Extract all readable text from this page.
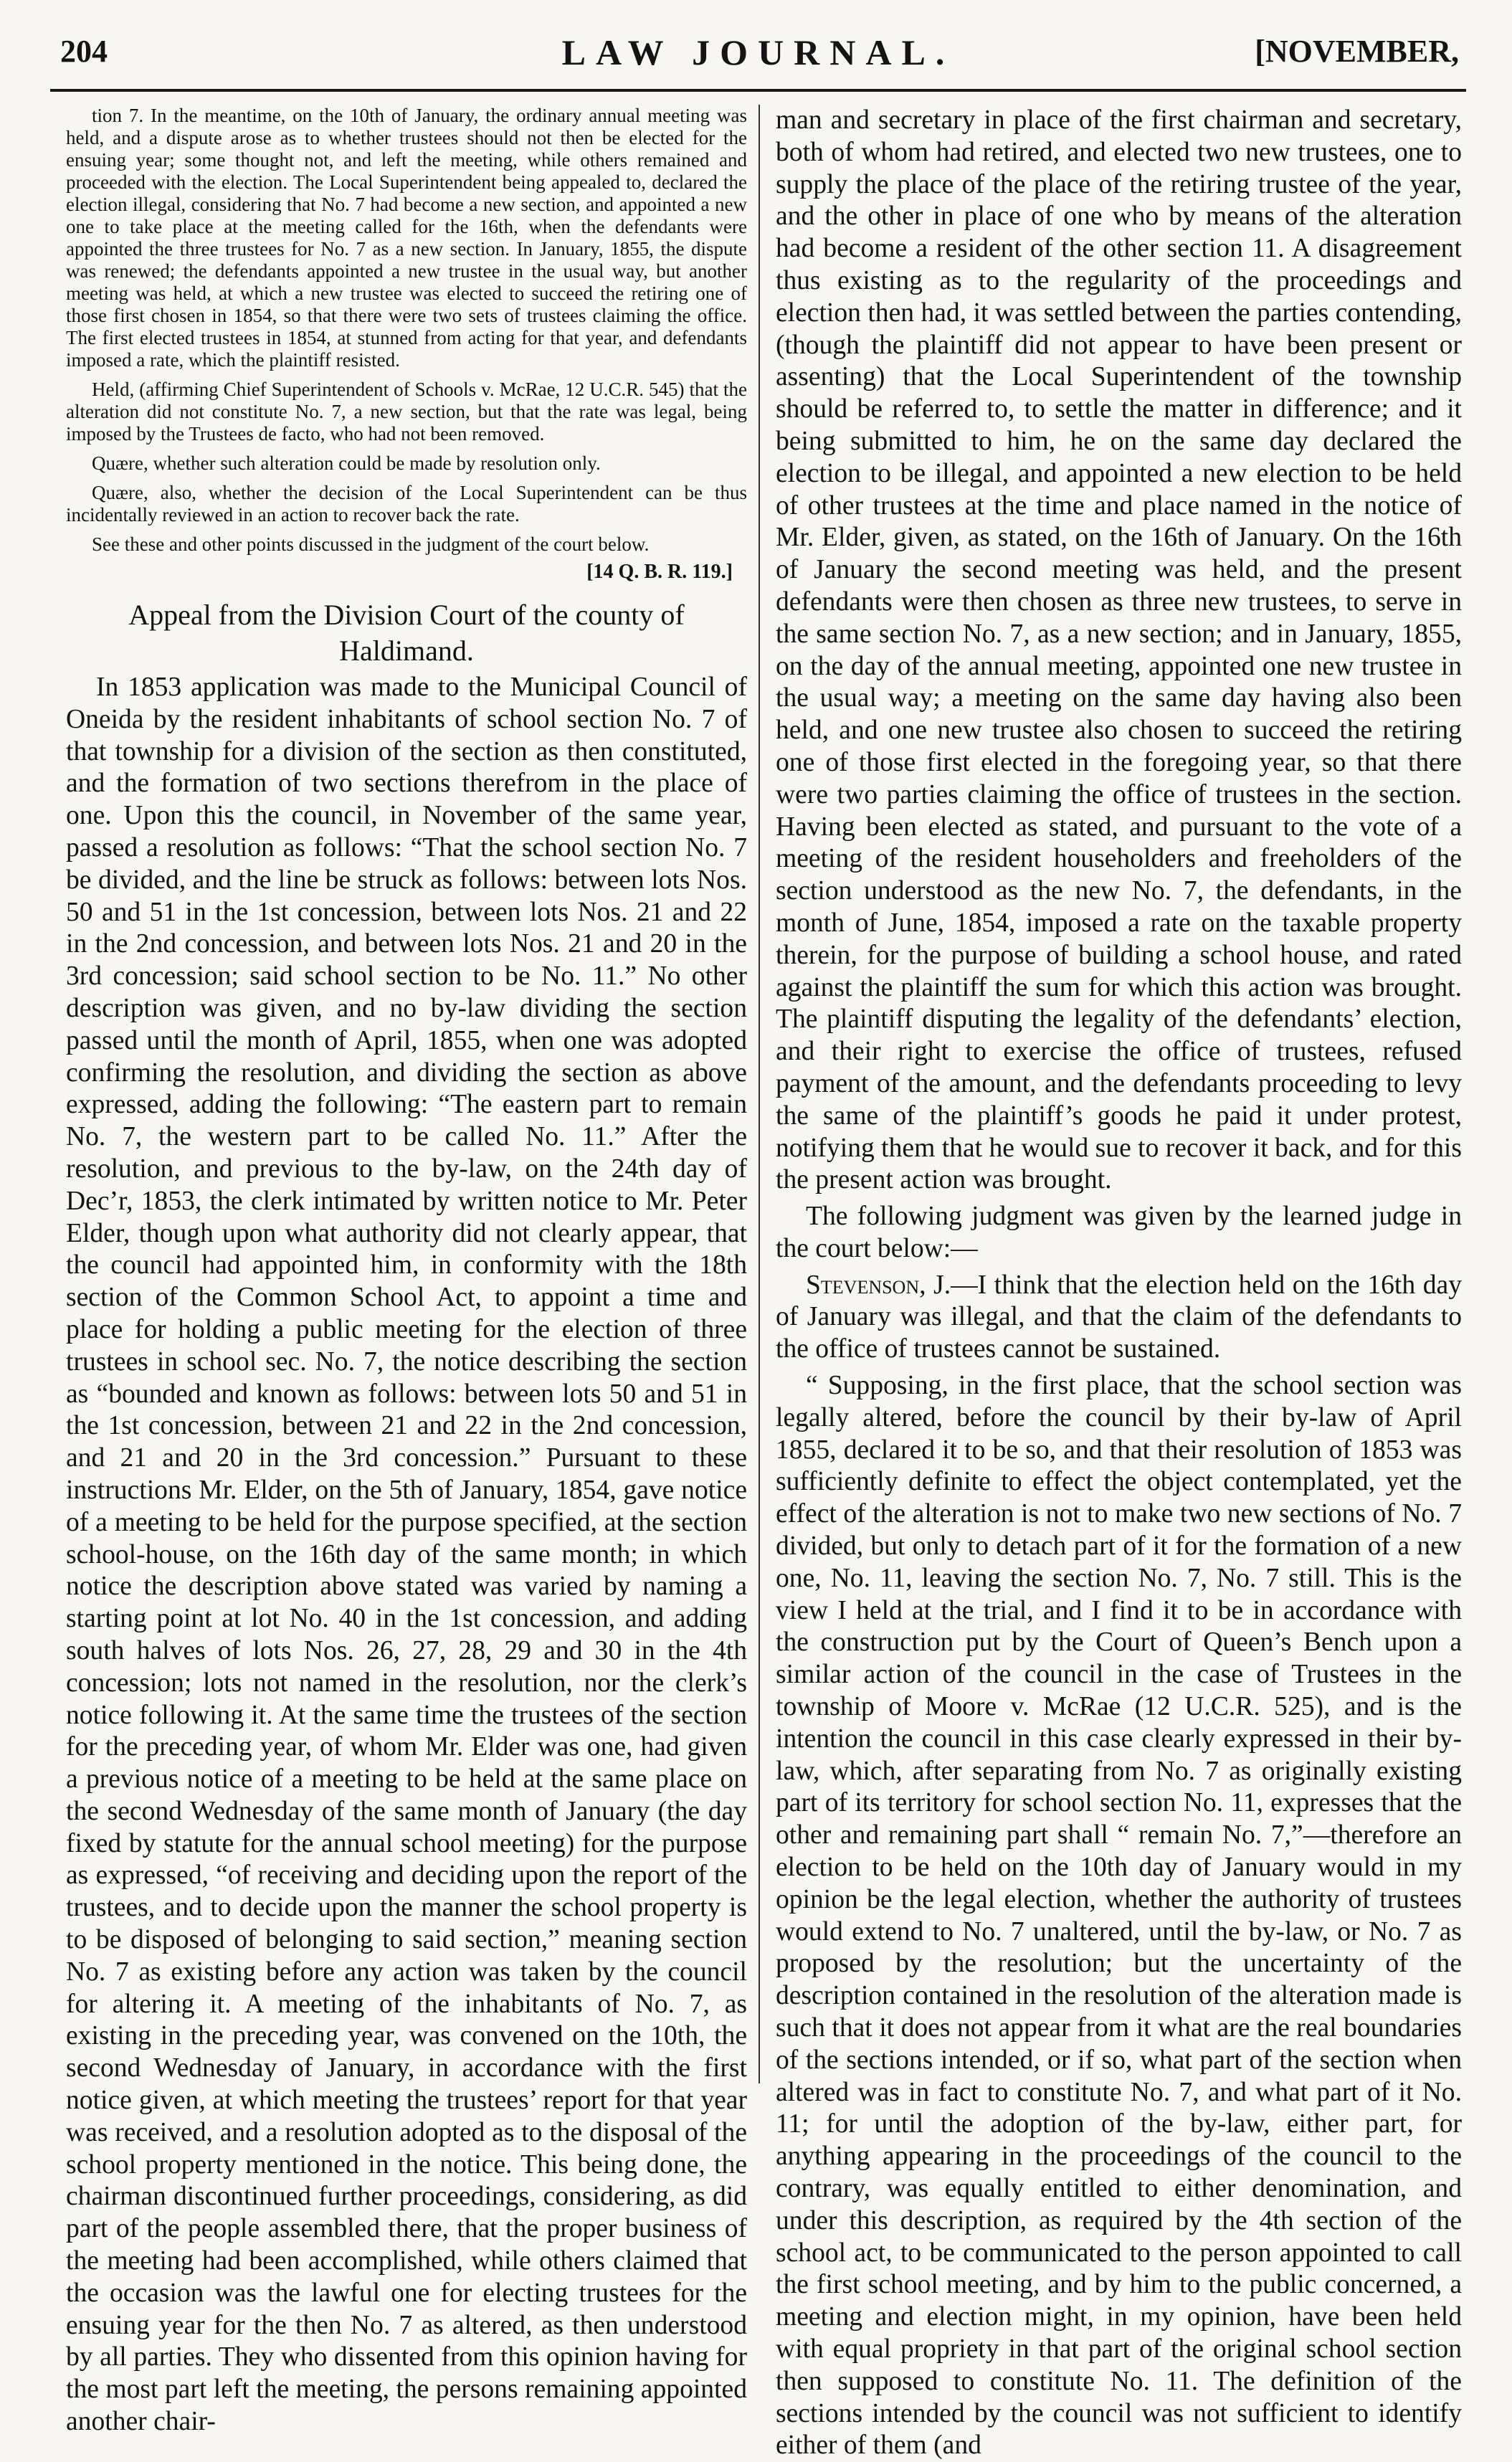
204	LAW JOURNAL.	[NOVEMBER,

tion 7. In the meantime, on the 10th of January, the ordinary annual meeting was held, and a dispute arose as to whether trustees should not then be elected for the ensuing year; some thought not, and left the meeting, while others remained and proceeded with the election. The Local Superintendent being appealed to, declared the election illegal, considering that No. 7 had become a new section, and appointed a new one to take place at the meeting called for the 16th, when the defendants were appointed the three trustees for No. 7 as a new section. In January, 1855, the dispute was renewed; the defendants appointed a new trustee in the usual way, but another meeting was held, at which a new trustee was elected to succeed the retiring one of those first chosen in 1854, so that there were two sets of trustees claiming the office. The first elected trustees in 1854, at stunned from acting for that year, and defendants imposed a rate, which the plaintiff resisted.

Held, (affirming Chief Superintendent of Schools v. McRae, 12 U.C.R. 545) that the alteration did not constitute No. 7, a new section, but that the rate was legal, being imposed by the Trustees de facto, who had not been removed.

Quære, whether such alteration could be made by resolution only.

Quære, also, whether the decision of the Local Superintendent can be thus incidentally reviewed in an action to recover back the rate.

See these and other points discussed in the judgment of the court below.

[14 Q. B. R. 119.]

Appeal from the Division Court of the county of Haldimand.

In 1853 application was made to the Municipal Council of Oneida by the resident inhabitants of school section No. 7 of that township for a division of the section as then constituted, and the formation of two sections therefrom in the place of one. Upon this the council, in November of the same year, passed a resolution as follows: “That the school section No. 7 be divided, and the line be struck as follows: between lots Nos. 50 and 51 in the 1st concession, between lots Nos. 21 and 22 in the 2nd concession, and between lots Nos. 21 and 20 in the 3rd concession; said school section to be No. 11.” No other description was given, and no by-law dividing the section passed until the month of April, 1855, when one was adopted confirming the resolution, and dividing the section as above expressed, adding the following: “The eastern part to remain No. 7, the western part to be called No. 11.” After the resolution, and previous to the by-law, on the 24th day of Dec’r, 1853, the clerk intimated by written notice to Mr. Peter Elder, though upon what authority did not clearly appear, that the council had appointed him, in conformity with the 18th section of the Common School Act, to appoint a time and place for holding a public meeting for the election of three trustees in school sec. No. 7, the notice describing the section as “bounded and known as follows: between lots 50 and 51 in the 1st concession, between 21 and 22 in the 2nd concession, and 21 and 20 in the 3rd concession.” Pursuant to these instructions Mr. Elder, on the 5th of January, 1854, gave notice of a meeting to be held for the purpose specified, at the section school-house, on the 16th day of the same month; in which notice the description above stated was varied by naming a starting point at lot No. 40 in the 1st concession, and adding south halves of lots Nos. 26, 27, 28, 29 and 30 in the 4th concession; lots not named in the resolution, nor the clerk’s notice following it. At the same time the trustees of the section for the preceding year, of whom Mr. Elder was one, had given a previous notice of a meeting to be held at the same place on the second Wednesday of the same month of January (the day fixed by statute for the annual school meeting) for the purpose as expressed, “of receiving and deciding upon the report of the trustees, and to decide upon the manner the school property is to be disposed of belonging to said section,” meaning section No. 7 as existing before any action was taken by the council for altering it. A meeting of the inhabitants of No. 7, as existing in the preceding year, was convened on the 10th, the second Wednesday of January, in accordance with the first notice given, at which meeting the trustees’ report for that year was received, and a resolution adopted as to the disposal of the school property mentioned in the notice. This being done, the chairman discontinued further proceedings, considering, as did part of the people assembled there, that the proper business of the meeting had been accomplished, while others claimed that the occasion was the lawful one for electing trustees for the ensuing year for the then No. 7 as altered, as then understood by all parties. They who dissented from this opinion having for the most part left the meeting, the persons remaining appointed another chair-

man and secretary in place of the first chairman and secretary, both of whom had retired, and elected two new trustees, one to supply the place of the place of the retiring trustee of the year, and the other in place of one who by means of the alteration had become a resident of the other section 11. A disagreement thus existing as to the regularity of the proceedings and election then had, it was settled between the parties contending, (though the plaintiff did not appear to have been present or assenting) that the Local Superintendent of the township should be referred to, to settle the matter in difference; and it being submitted to him, he on the same day declared the election to be illegal, and appointed a new election to be held of other trustees at the time and place named in the notice of Mr. Elder, given, as stated, on the 16th of January. On the 16th of January the second meeting was held, and the present defendants were then chosen as three new trustees, to serve in the same section No. 7, as a new section; and in January, 1855, on the day of the annual meeting, appointed one new trustee in the usual way; a meeting on the same day having also been held, and one new trustee also chosen to succeed the retiring one of those first elected in the foregoing year, so that there were two parties claiming the office of trustees in the section. Having been elected as stated, and pursuant to the vote of a meeting of the resident householders and freeholders of the section understood as the new No. 7, the defendants, in the month of June, 1854, imposed a rate on the taxable property therein, for the purpose of building a school house, and rated against the plaintiff the sum for which this action was brought. The plaintiff disputing the legality of the defendants’ election, and their right to exercise the office of trustees, refused payment of the amount, and the defendants proceeding to levy the same of the plaintiff’s goods he paid it under protest, notifying them that he would sue to recover it back, and for this the present action was brought.

The following judgment was given by the learned judge in the court below:—

Stevenson, J.—I think that the election held on the 16th day of January was illegal, and that the claim of the defendants to the office of trustees cannot be sustained.

“ Supposing, in the first place, that the school section was legally altered, before the council by their by-law of April 1855, declared it to be so, and that their resolution of 1853 was sufficiently definite to effect the object contemplated, yet the effect of the alteration is not to make two new sections of No. 7 divided, but only to detach part of it for the formation of a new one, No. 11, leaving the section No. 7, No. 7 still. This is the view I held at the trial, and I find it to be in accordance with the construction put by the Court of Queen’s Bench upon a similar action of the council in the case of Trustees in the township of Moore v. McRae (12 U.C.R. 525), and is the intention the council in this case clearly expressed in their by-law, which, after separating from No. 7 as originally existing part of its territory for school section No. 11, expresses that the other and remaining part shall “ remain No. 7,”—therefore an election to be held on the 10th day of January would in my opinion be the legal election, whether the authority of trustees would extend to No. 7 unaltered, until the by-law, or No. 7 as proposed by the resolution; but the uncertainty of the description contained in the resolution of the alteration made is such that it does not appear from it what are the real boundaries of the sections intended, or if so, what part of the section when altered was in fact to constitute No. 7, and what part of it No. 11; for until the adoption of the by-law, either part, for anything appearing in the proceedings of the council to the contrary, was equally entitled to either denomination, and under this description, as required by the 4th section of the school act, to be communicated to the person appointed to call the first school meeting, and by him to the public concerned, a meeting and election might, in my opinion, have been held with equal propriety in that part of the original school section then supposed to constitute No. 11. The definition of the sections intended by the council was not sufficient to identify either of them (and
